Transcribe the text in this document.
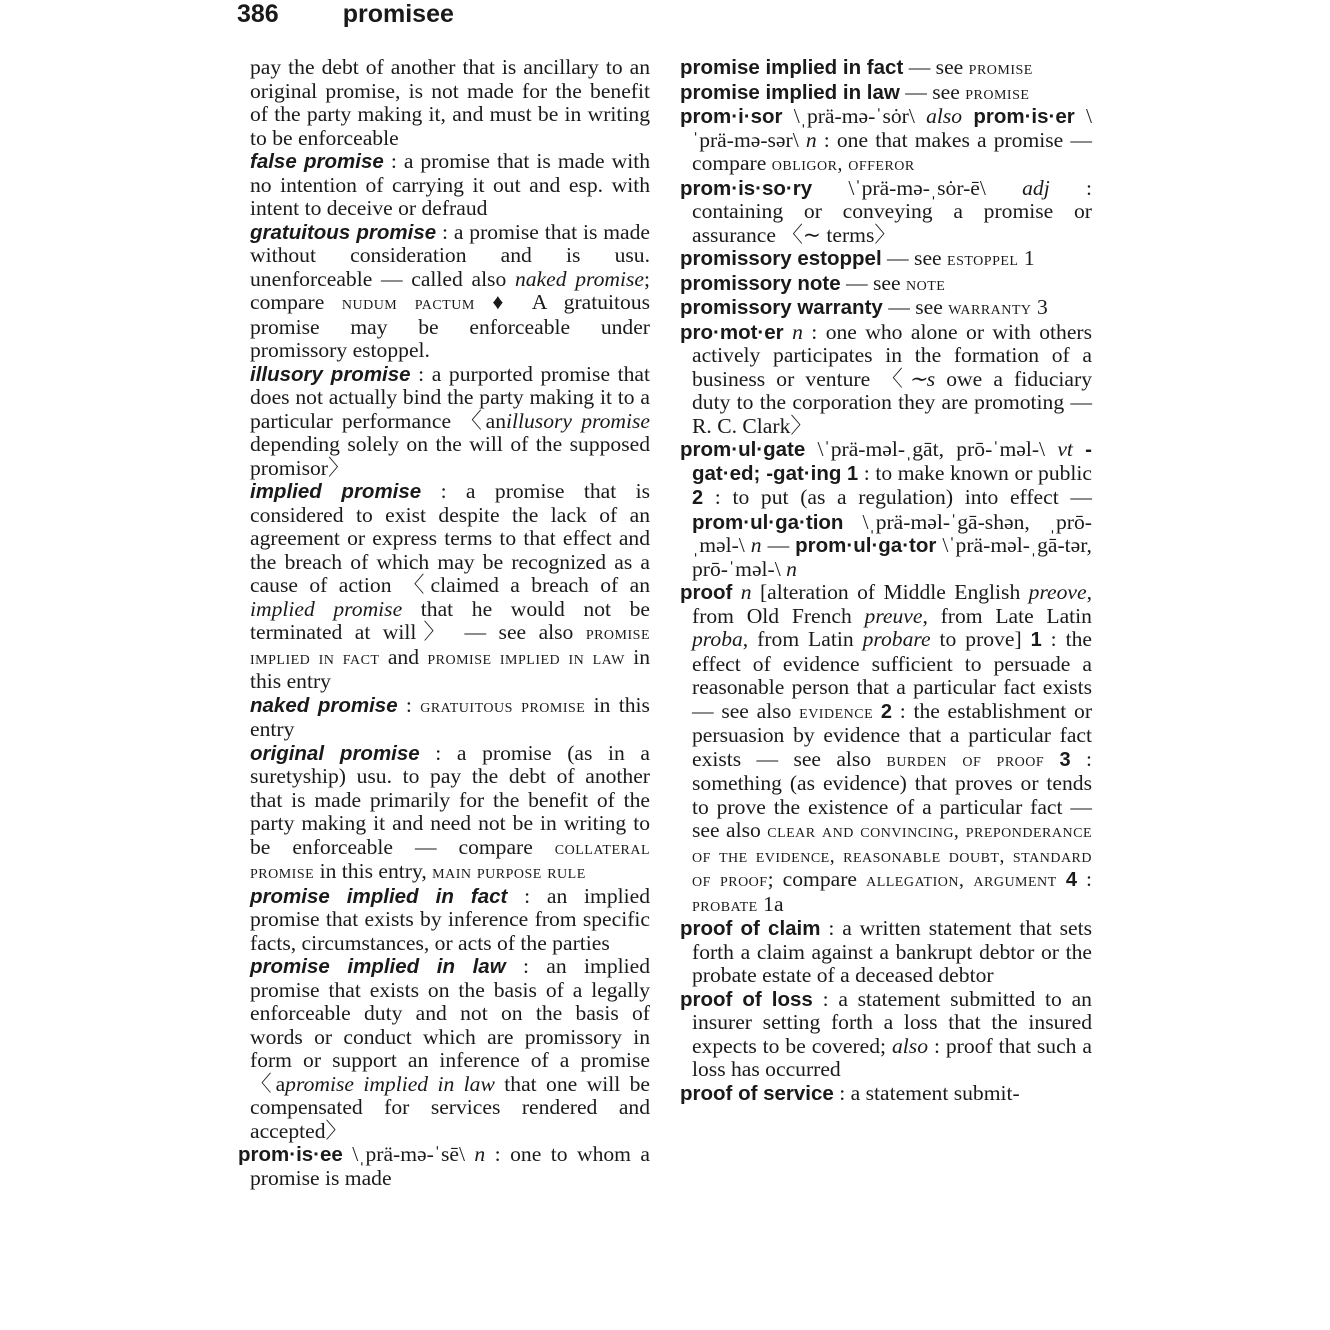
386	promisee

pay the debt of another that is ancillary to an original promise, is not made for the benefit of the party making it, and must be in writing to be enforceable

false promise : a promise that is made with no intention of carrying it out and esp. with intent to deceive or defraud

gratuitous promise : a promise that is made without consideration and is usu. unenforceable — called also naked promise; compare nudum pactum ♦ A gratuitous promise may be enforceable under promissory estoppel.

illusory promise : a purported promise that does not actually bind the party making it to a particular performance 〈anillusory promise depending solely on the will of the supposed promisor〉

implied promise : a promise that is considered to exist despite the lack of an agreement or express terms to that effect and the breach of which may be recognized as a cause of action 〈claimed a breach of an implied promise that he would not be terminated at will〉 — see also promise implied in fact and promise implied in law in this entry

naked promise : gratuitous promise in this entry

original promise : a promise (as in a suretyship) usu. to pay the debt of another that is made primarily for the benefit of the party making it and need not be in writing to be enforceable — compare collateral promise in this entry, main purpose rule

promise implied in fact : an implied promise that exists by inference from specific facts, circumstances, or acts of the parties

promise implied in law : an implied promise that exists on the basis of a legally enforceable duty and not on the basis of words or conduct which are promissory in form or support an inference of a promise 〈apromise implied in law that one will be compensated for services rendered and accepted〉

prom·is·ee \ˌprä-mə-ˈsē\ n : one to whom a promise is made

promise implied in fact — see promise

promise implied in law — see promise

prom·i·sor \ˌprä-mə-ˈsȯr\ also prom·is·er \ˈprä-mə-sər\ n : one that makes a promise — compare obligor, offeror

prom·is·so·ry \ˈprä-mə-ˌsȯr-ē\ adj : containing or conveying a promise or assurance 〈∼ terms〉

promissory estoppel — see estoppel 1

promissory note — see note

promissory warranty — see warranty 3

pro·mot·er n : one who alone or with others actively participates in the formation of a business or venture 〈∼s owe a fiduciary duty to the corporation they are promoting —R. C. Clark〉

prom·ul·gate \ˈprä-məl-ˌgāt, prō-ˈməl-\ vt -gat·ed; -gat·ing 1 : to make known or public 2 : to put (as a regulation) into effect — prom·ul·ga·tion \ˌprä-məl-ˈgā-shən, ˌprō-ˌməl-\ n — prom·ul·ga·tor \ˈprä-məl-ˌgā-tər, prō-ˈməl-\ n

proof n [alteration of Middle English preove, from Old French preuve, from Late Latin proba, from Latin probare to prove] 1 : the effect of evidence sufficient to persuade a reasonable person that a particular fact exists — see also evidence 2 : the establishment or persuasion by evidence that a particular fact exists — see also burden of proof 3 : something (as evidence) that proves or tends to prove the existence of a particular fact — see also clear and convincing, preponderance of the evidence, reasonable doubt, standard of proof; compare allegation, argument 4 : probate 1a

proof of claim : a written statement that sets forth a claim against a bankrupt debtor or the probate estate of a deceased debtor

proof of loss : a statement submitted to an insurer setting forth a loss that the insured expects to be covered; also : proof that such a loss has occurred

proof of service : a statement submit-
